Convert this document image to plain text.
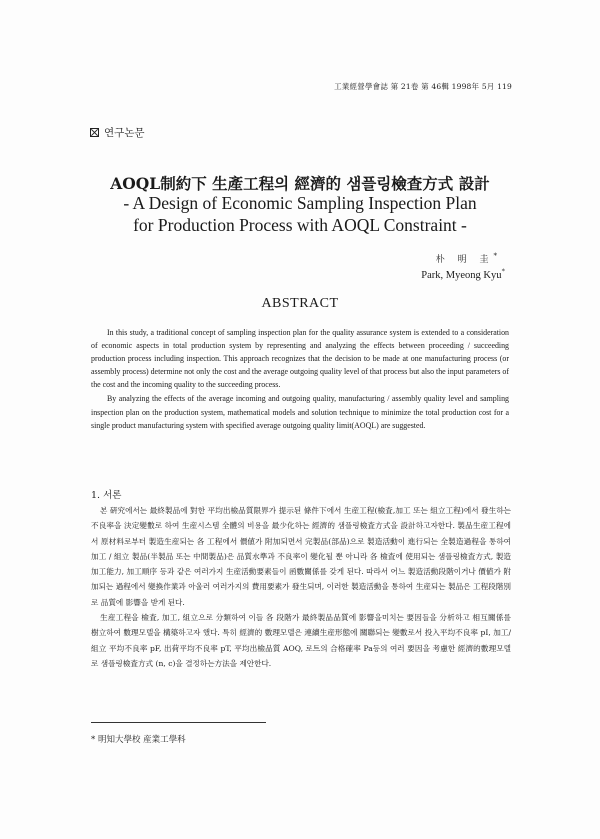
工業經營學會誌 第 21卷 第 46輯 1998年 5月 119
연구논문
AOQL制約下 生產工程의 經濟的 샘플링檢査方式 設計
- A Design of Economic Sampling Inspection Plan
for Production Process with AOQL Constraint -
朴 明 圭*
Park, Myeong Kyu*
ABSTRACT

In this study, a traditional concept of sampling inspection plan for the quality assurance system is extended to a consideration of economic aspects in total production system by representing and analyzing the effects between proceeding / succeeding production process including inspection. This approach recognizes that the decision to be made at one manufacturing process (or assembly process) determine not only the cost and the average outgoing quality level of that process but also the input parameters of the cost and the incoming quality to the succeeding process.

By analyzing the effects of the average incoming and outgoing quality, manufacturing / assembly quality level and sampling inspection plan on the production system, mathematical models and solution technique to minimize the total production cost for a single product manufacturing system with specified average outgoing quality limit(AOQL) are suggested.

1. 서론

본 硏究에서는 最終製品에 對한 平均出檢品質限界가 提示된 條件下에서 生産工程(檢査,加工 또는 組立工程)에서 發生하는 不良率을 決定變數로 하여 生産시스템 全體의 비용을 最少化하는 經濟的 샘플링檢査方式을 設計하고자한다. 製品生産工程에서 原材料로부터 製造生産되는 各 工程에서 價値가 附加되면서 完製品(部品)으로 製造活動이 進行되는 全製造過程을 통하여 加工 / 組立 製品(半製品 또는 中間製品)은 品質水準과 不良率이 變化될 뿐 아니라 各 檢査에 使用되는 샘플링檢査方式, 製造 加工能力, 加工順序 등과 같은 여러가지 生産活動要素들이 函數關係를 갖게 된다. 따라서 어느 製造活動段階이거나 價値가 附加되는 過程에서 變換作業과 아울러 여러가지의 費用要素가 發生되며, 이러한 製造活動을 통하여 生産되는 製品은 工程段階別로 品質에 影響을 받게 된다.

生産工程을 檢査, 加工, 組立으로 分類하여 이들 各 段階가 最終製品品質에 影響을미치는 要因들을 分析하고 相互關係를 樹立하여 數理모델을 構築하고자 했다. 특히 經濟的 數理모델은 連續生産形態에 關聯되는 變數로서 投入平均不良率 pI, 加工/組立 平均不良率 pF, 出荷平均不良率 pT, 平均出檢品質 AOQ, 로트의 合格確率 Pa등의 여러 要因을 考慮한 經濟的數理모델로 샘플링檢査方式 (n, c)을 결정하는方法을 제안한다.

* 明知大學校 産業工學科
